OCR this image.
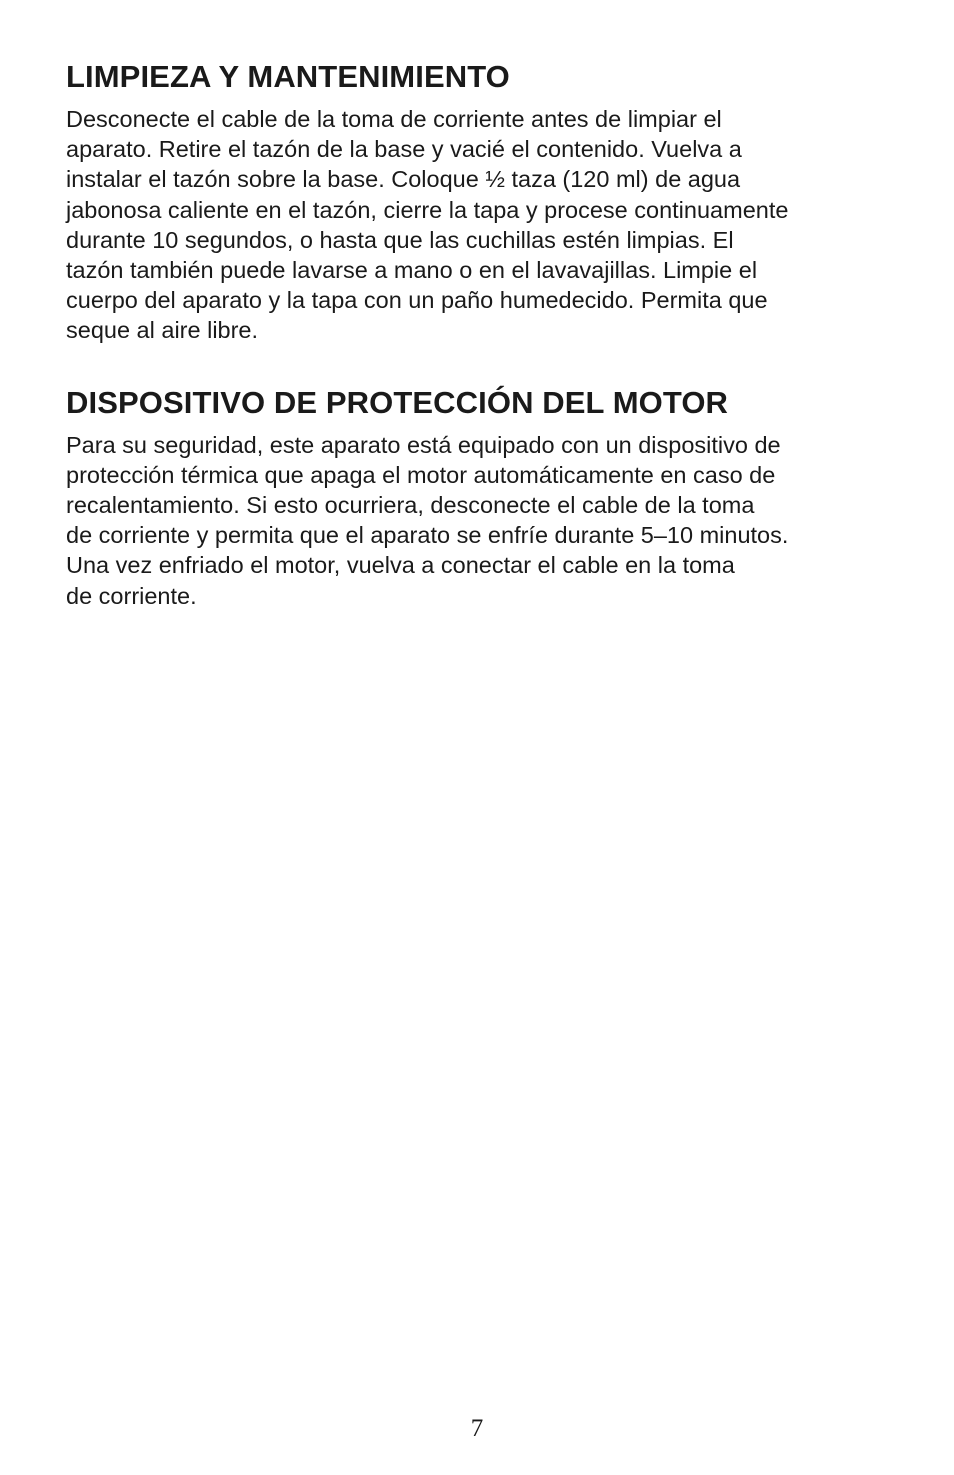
LIMPIEZA Y MANTENIMIENTO

Desconecte el cable de la toma de corriente antes de limpiar el
aparato. Retire el tazón de la base y vacié el contenido. Vuelva a
instalar el tazón sobre la base. Coloque ½ taza (120 ml) de agua
jabonosa caliente en el tazón, cierre la tapa y procese continuamente
durante 10 segundos, o hasta que las cuchillas estén limpias. El
tazón también puede lavarse a mano o en el lavavajillas. Limpie el
cuerpo del aparato y la tapa con un paño humedecido. Permita que
seque al aire libre.

DISPOSITIVO DE PROTECCIÓN DEL MOTOR

Para su seguridad, este aparato está equipado con un dispositivo de
protección térmica que apaga el motor automáticamente en caso de
recalentamiento. Si esto ocurriera, desconecte el cable de la toma
de corriente y permita que el aparato se enfríe durante 5–10 minutos.
Una vez enfriado el motor, vuelva a conectar el cable en la toma
de corriente.

7
